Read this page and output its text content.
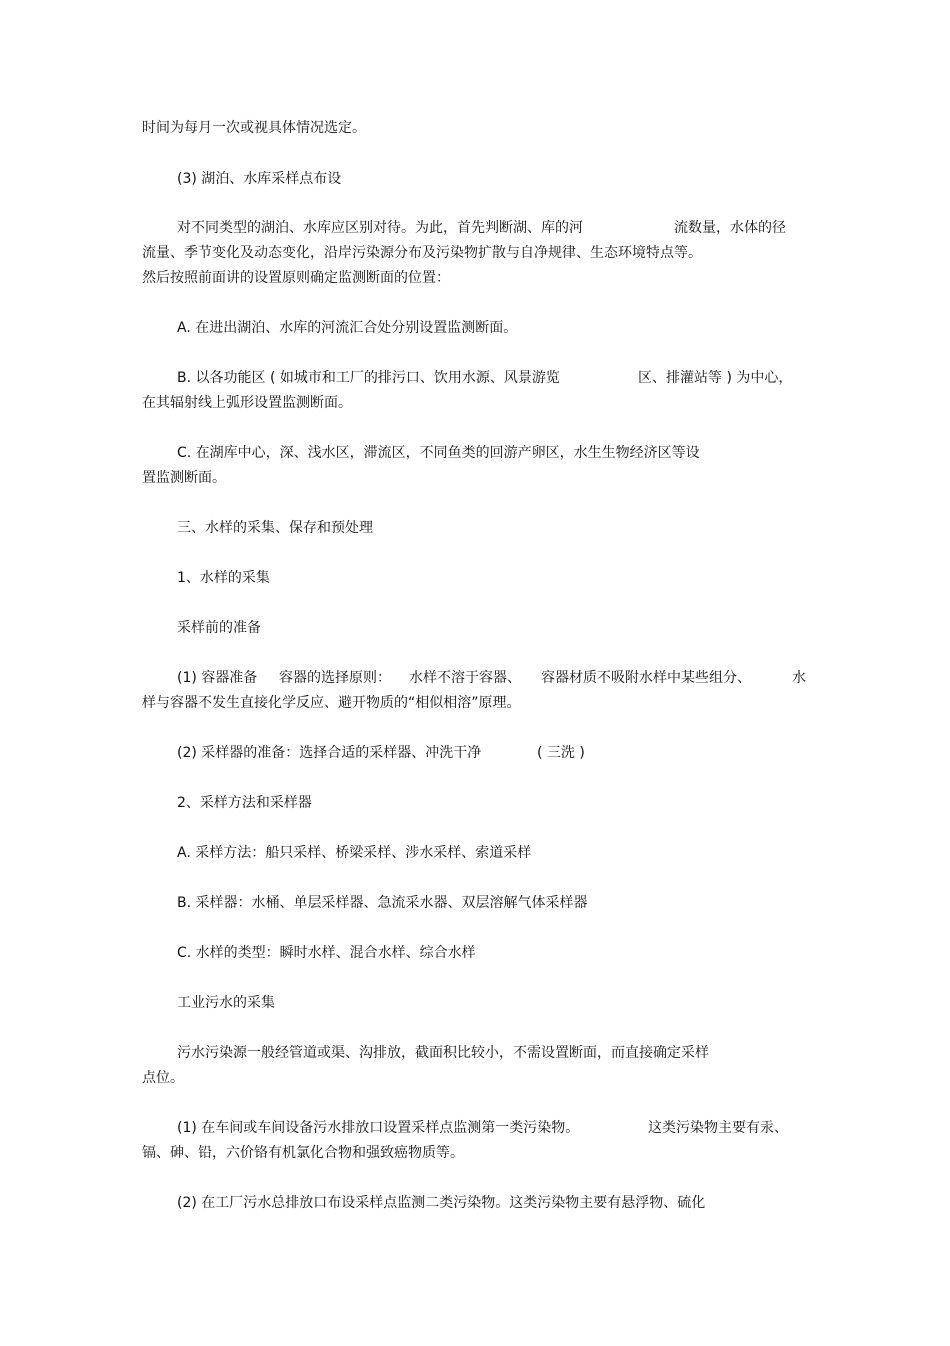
时间为每月一次或视具体情况选定。
(3) 湖泊、水库采样点布设
对不同类型的湖泊、水库应区别对待。为此，首先判断湖、库的河	流数量，水体的径
流量、季节变化及动态变化，沿岸污染源分布及污染物扩散与自净规律、生态环境特点等。
然后按照前面讲的设置原则确定监测断面的位置：
A. 在进出湖泊、水库的河流汇合处分别设置监测断面。
B. 以各功能区 ( 如城市和工厂的排污口、饮用水源、风景游览	区、排灌站等 ) 为中心，
在其辐射线上弧形设置监测断面。
C. 在湖库中心，深、浅水区，滞流区，不同鱼类的回游产卵区，水生生物经济区等设
置监测断面。
三、水样的采集、保存和预处理
1、水样的采集
采样前的准备
(1) 容器准备 容器的选择原则： 水样不溶于容器、 容器材质不吸附水样中某些组分、	水
样与容器不发生直接化学反应、避开物质的“相似相溶”原理。
(2) 采样器的准备：选择合适的采样器、冲洗干净	( 三洗 )
2、采样方法和采样器
A. 采样方法：船只采样、桥梁采样、涉水采样、索道采样
B. 采样器：水桶、单层采样器、急流采水器、双层溶解气体采样器
C. 水样的类型：瞬时水样、混合水样、综合水样
工业污水的采集
污水污染源一般经管道或渠、沟排放，截面积比较小，不需设置断面，而直接确定采样
点位。
(1) 在车间或车间设备污水排放口设置采样点监测第一类污染物。	这类污染物主要有汞、
镉、砷、铅，六价铬有机氯化合物和强致癌物质等。
(2) 在工厂污水总排放口布设采样点监测二类污染物。这类污染物主要有悬浮物、硫化
